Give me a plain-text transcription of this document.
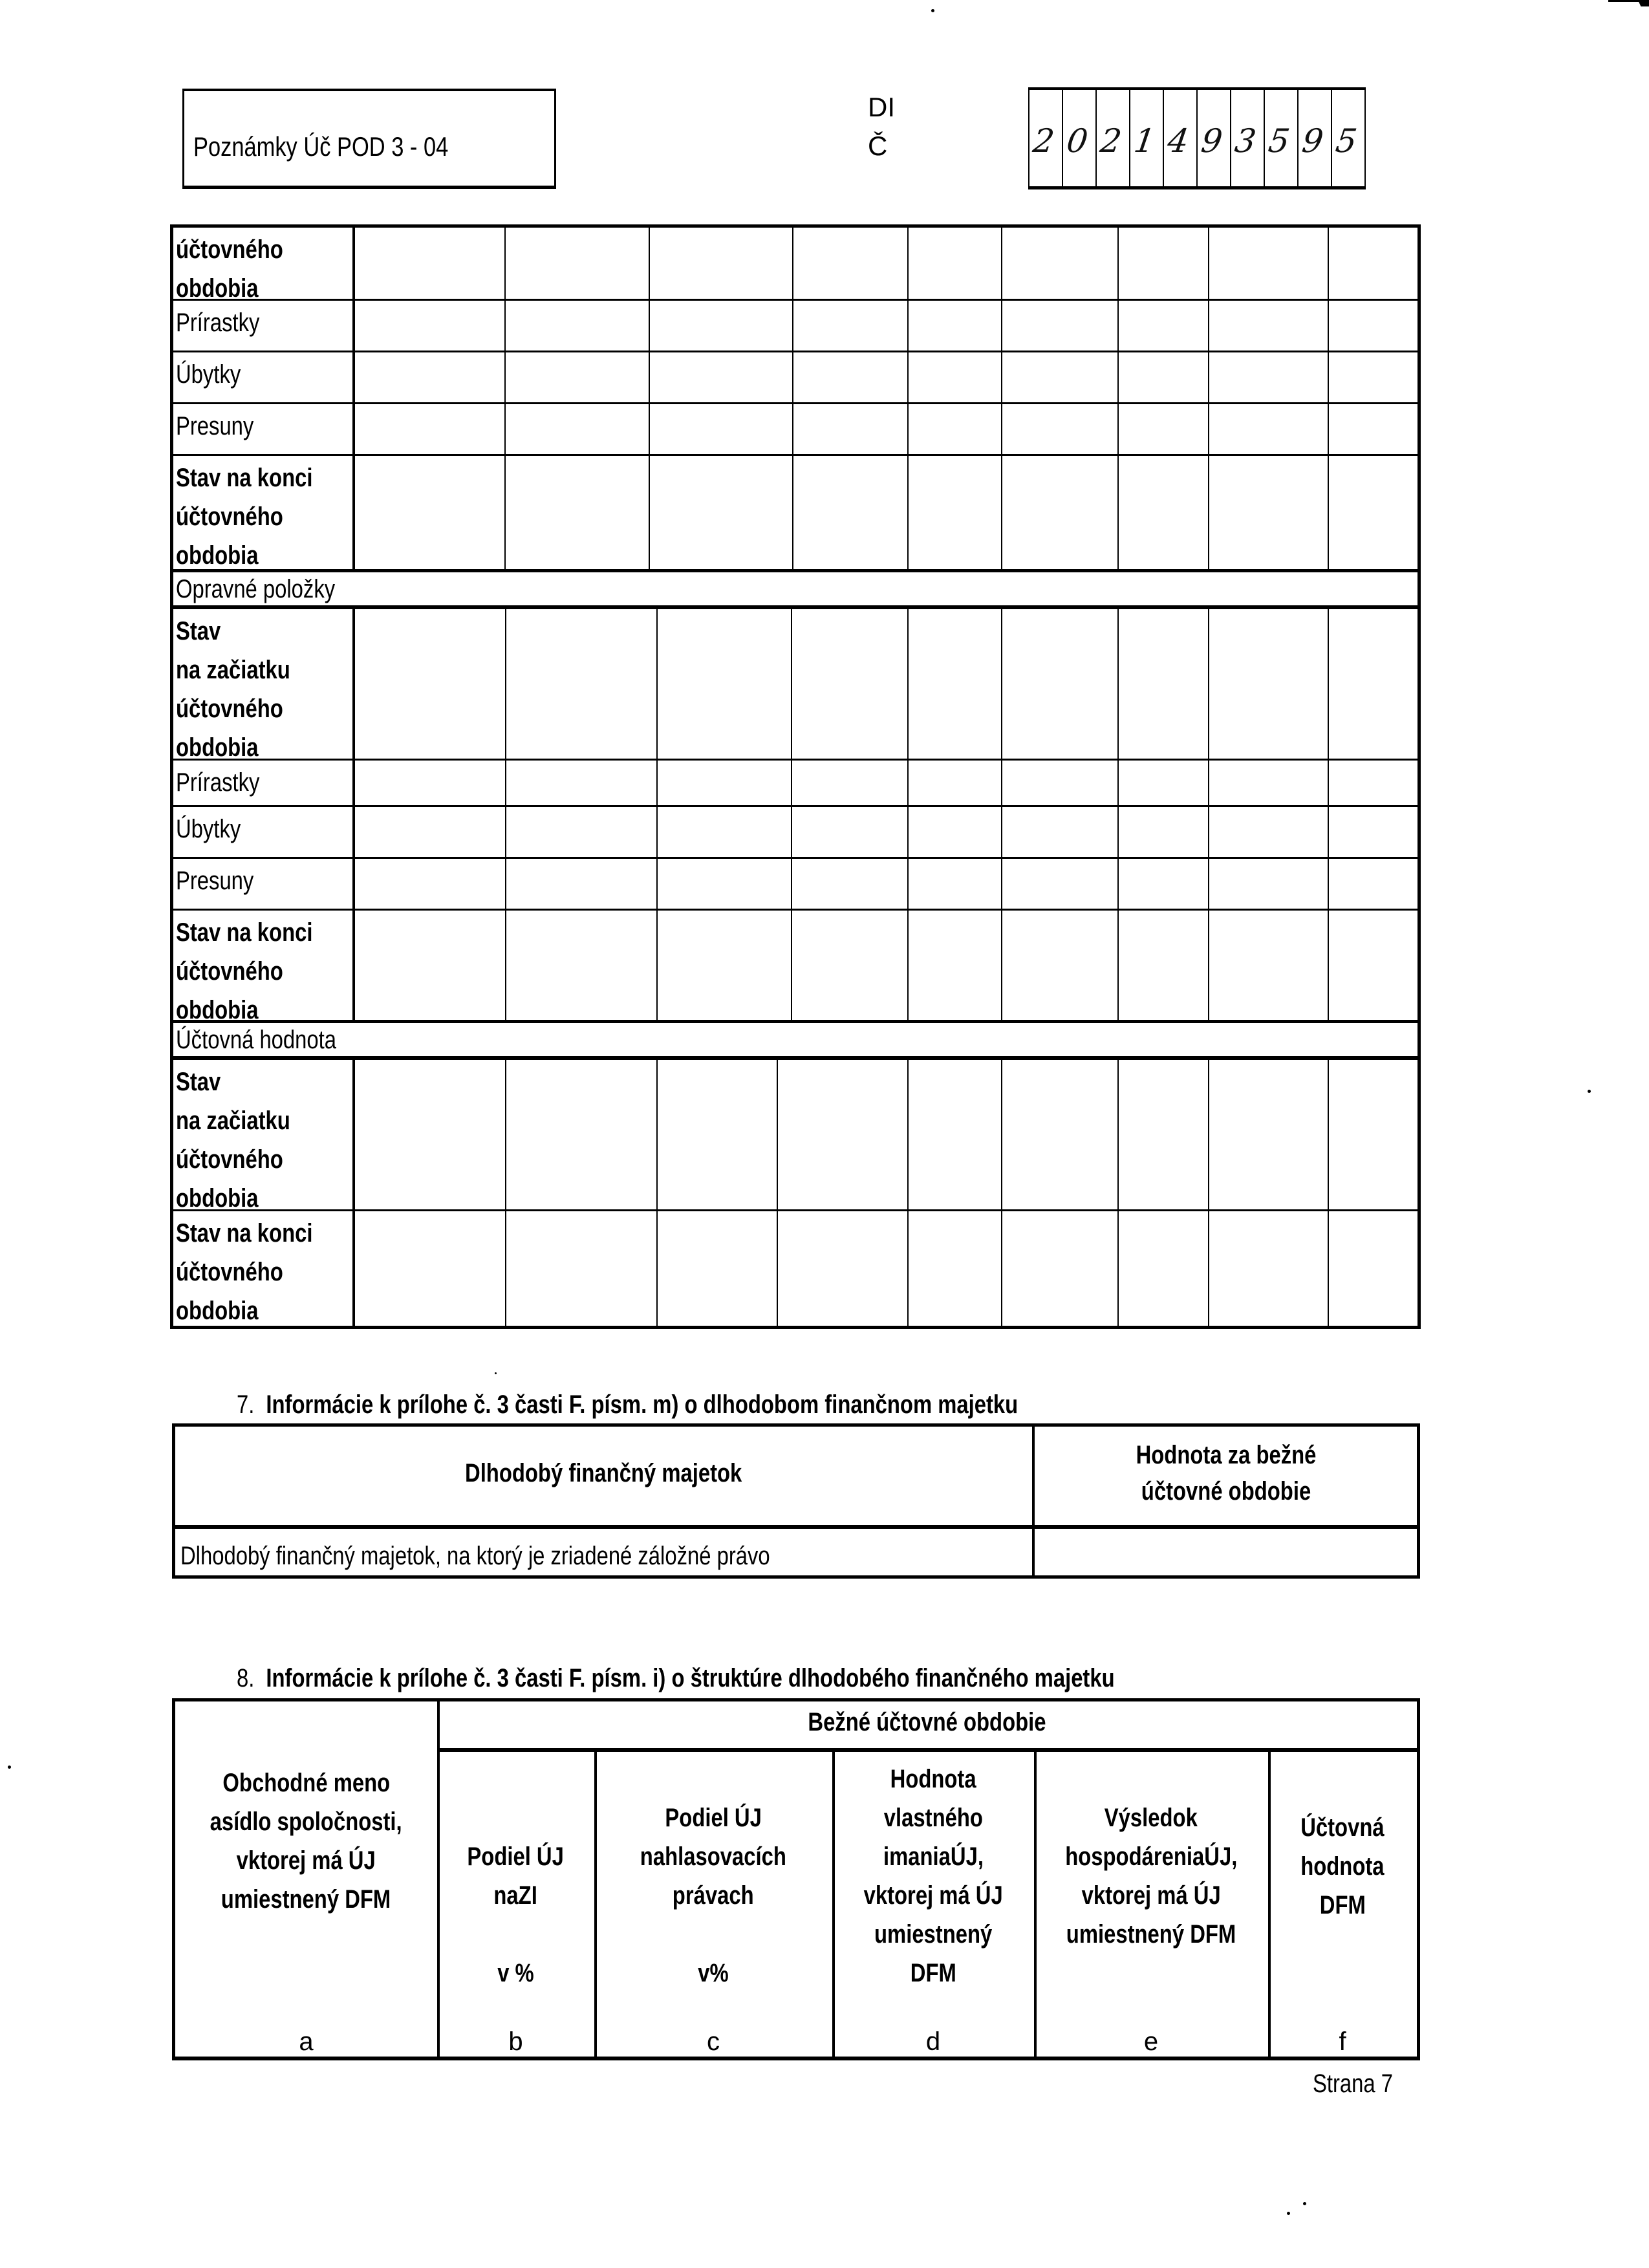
Poznámky Úč POD 3 - 04
DI
Č	2 0 2 1 4 9 3 5 9 5
účtovného
obdobia
Prírastky
Úbytky
Presuny
Stav na konci
účtovného
obdobia
Opravné položky
Stav
na začiatku
účtovného
obdobia
Prírastky
Úbytky
Presuny
Stav na konci
účtovného
obdobia
Účtovná hodnota
Stav
na začiatku
účtovného
obdobia
Stav na konci
účtovného
obdobia
7. Informácie k prílohe č. 3 časti F. písm. m) o dlhodobom finančnom majetku
Dlhodobý finančný majetok
Hodnota za bežné účtovné obdobie
Dlhodobý finančný majetok, na ktorý je zriadené záložné právo
8. Informácie k prílohe č. 3 časti F. písm. i) o štruktúre dlhodobého finančného majetku
Bežné účtovné obdobie
Obchodné meno
asídlo spoločnosti,
vktorej má ÚJ
umiestnený DFM
a
Podiel ÚJ
naZI
v %
b
Podiel ÚJ
nahlasovacích
právach
v%
c
Hodnota
vlastného
imaniaÚJ,
vktorej má ÚJ
umiestnený
DFM
d
Výsledok
hospodáreniaÚJ,
vktorej má ÚJ
umiestnený DFM
e
Účtovná
hodnota
DFM
f
Strana 7
